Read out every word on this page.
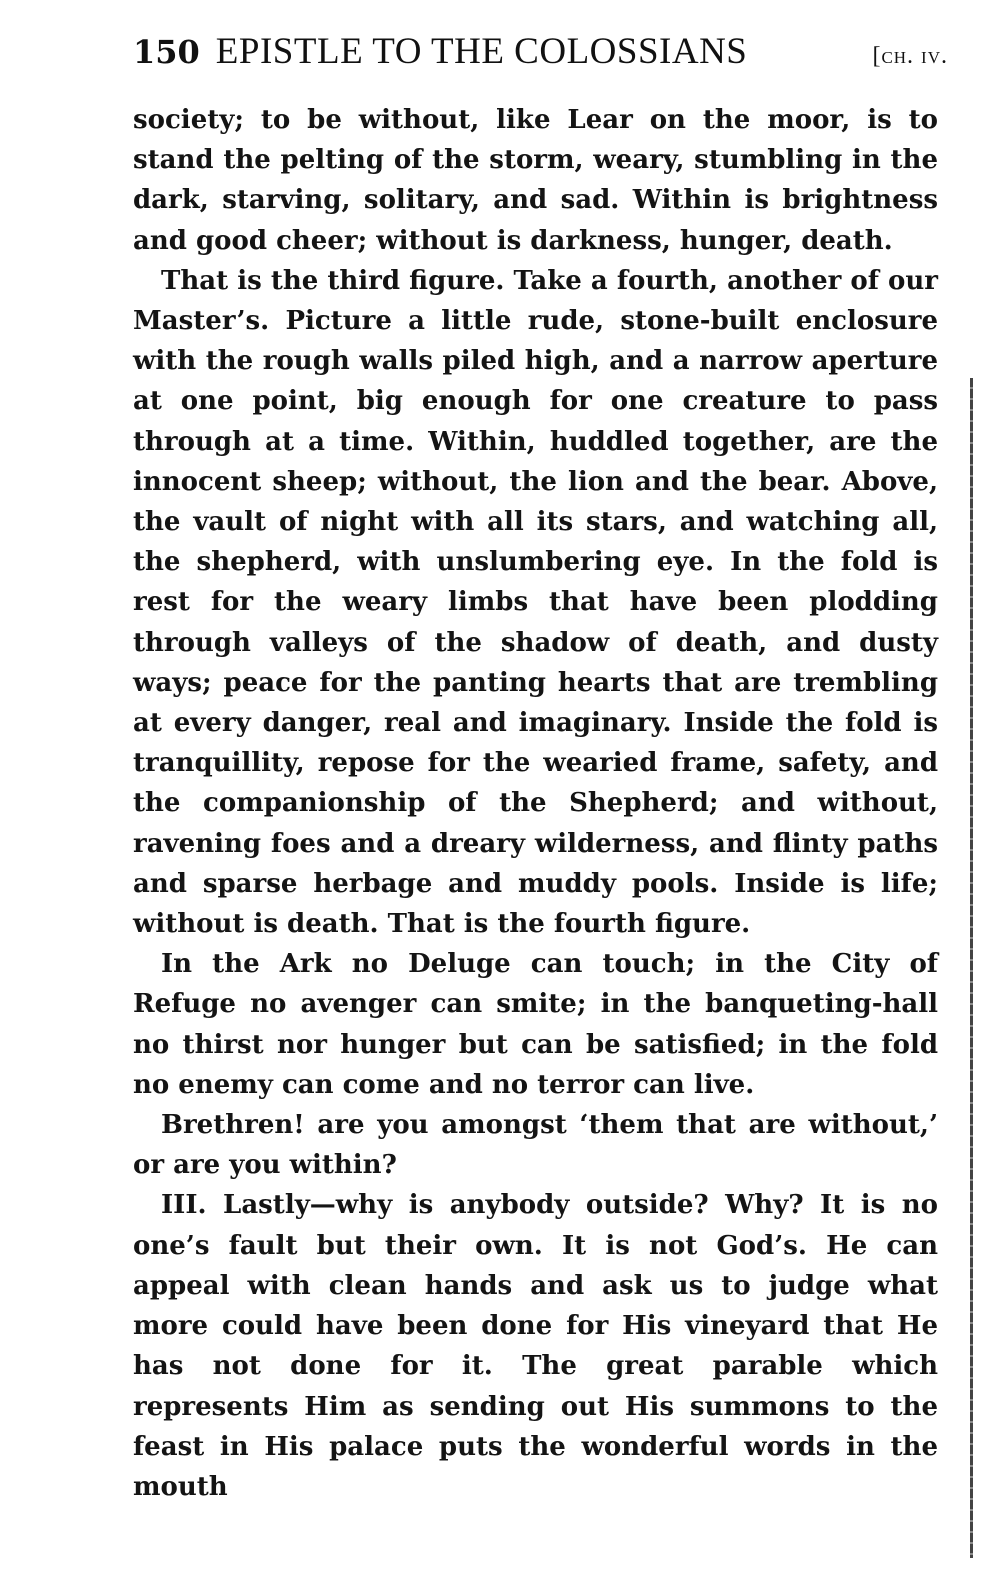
150 EPISTLE TO THE COLOSSIANS	[ch. iv.

society; to be without, like Lear on the moor, is to stand the pelting of the storm, weary, stumbling in the dark, starving, solitary, and sad. Within is brightness and good cheer; without is darkness, hunger, death.

That is the third figure. Take a fourth, another of our Master’s. Picture a little rude, stone-built enclosure with the rough walls piled high, and a narrow aperture at one point, big enough for one creature to pass through at a time. Within, huddled together, are the innocent sheep; without, the lion and the bear. Above, the vault of night with all its stars, and watching all, the shepherd, with unslumbering eye. In the fold is rest for the weary limbs that have been plodding through valleys of the shadow of death, and dusty ways; peace for the panting hearts that are trembling at every danger, real and imaginary. Inside the fold is tranquillity, repose for the wearied frame, safety, and the companionship of the Shepherd; and without, ravening foes and a dreary wilderness, and flinty paths and sparse herbage and muddy pools. Inside is life; without is death. That is the fourth figure.

In the Ark no Deluge can touch; in the City of Refuge no avenger can smite; in the banqueting-hall no thirst nor hunger but can be satisfied; in the fold no enemy can come and no terror can live.

Brethren! are you amongst ‘them that are without,’ or are you within?

III. Lastly—why is anybody outside? Why? It is no one’s fault but their own. It is not God’s. He can appeal with clean hands and ask us to judge what more could have been done for His vineyard that He has not done for it. The great parable which represents Him as sending out His summons to the feast in His palace puts the wonderful words in the mouth
